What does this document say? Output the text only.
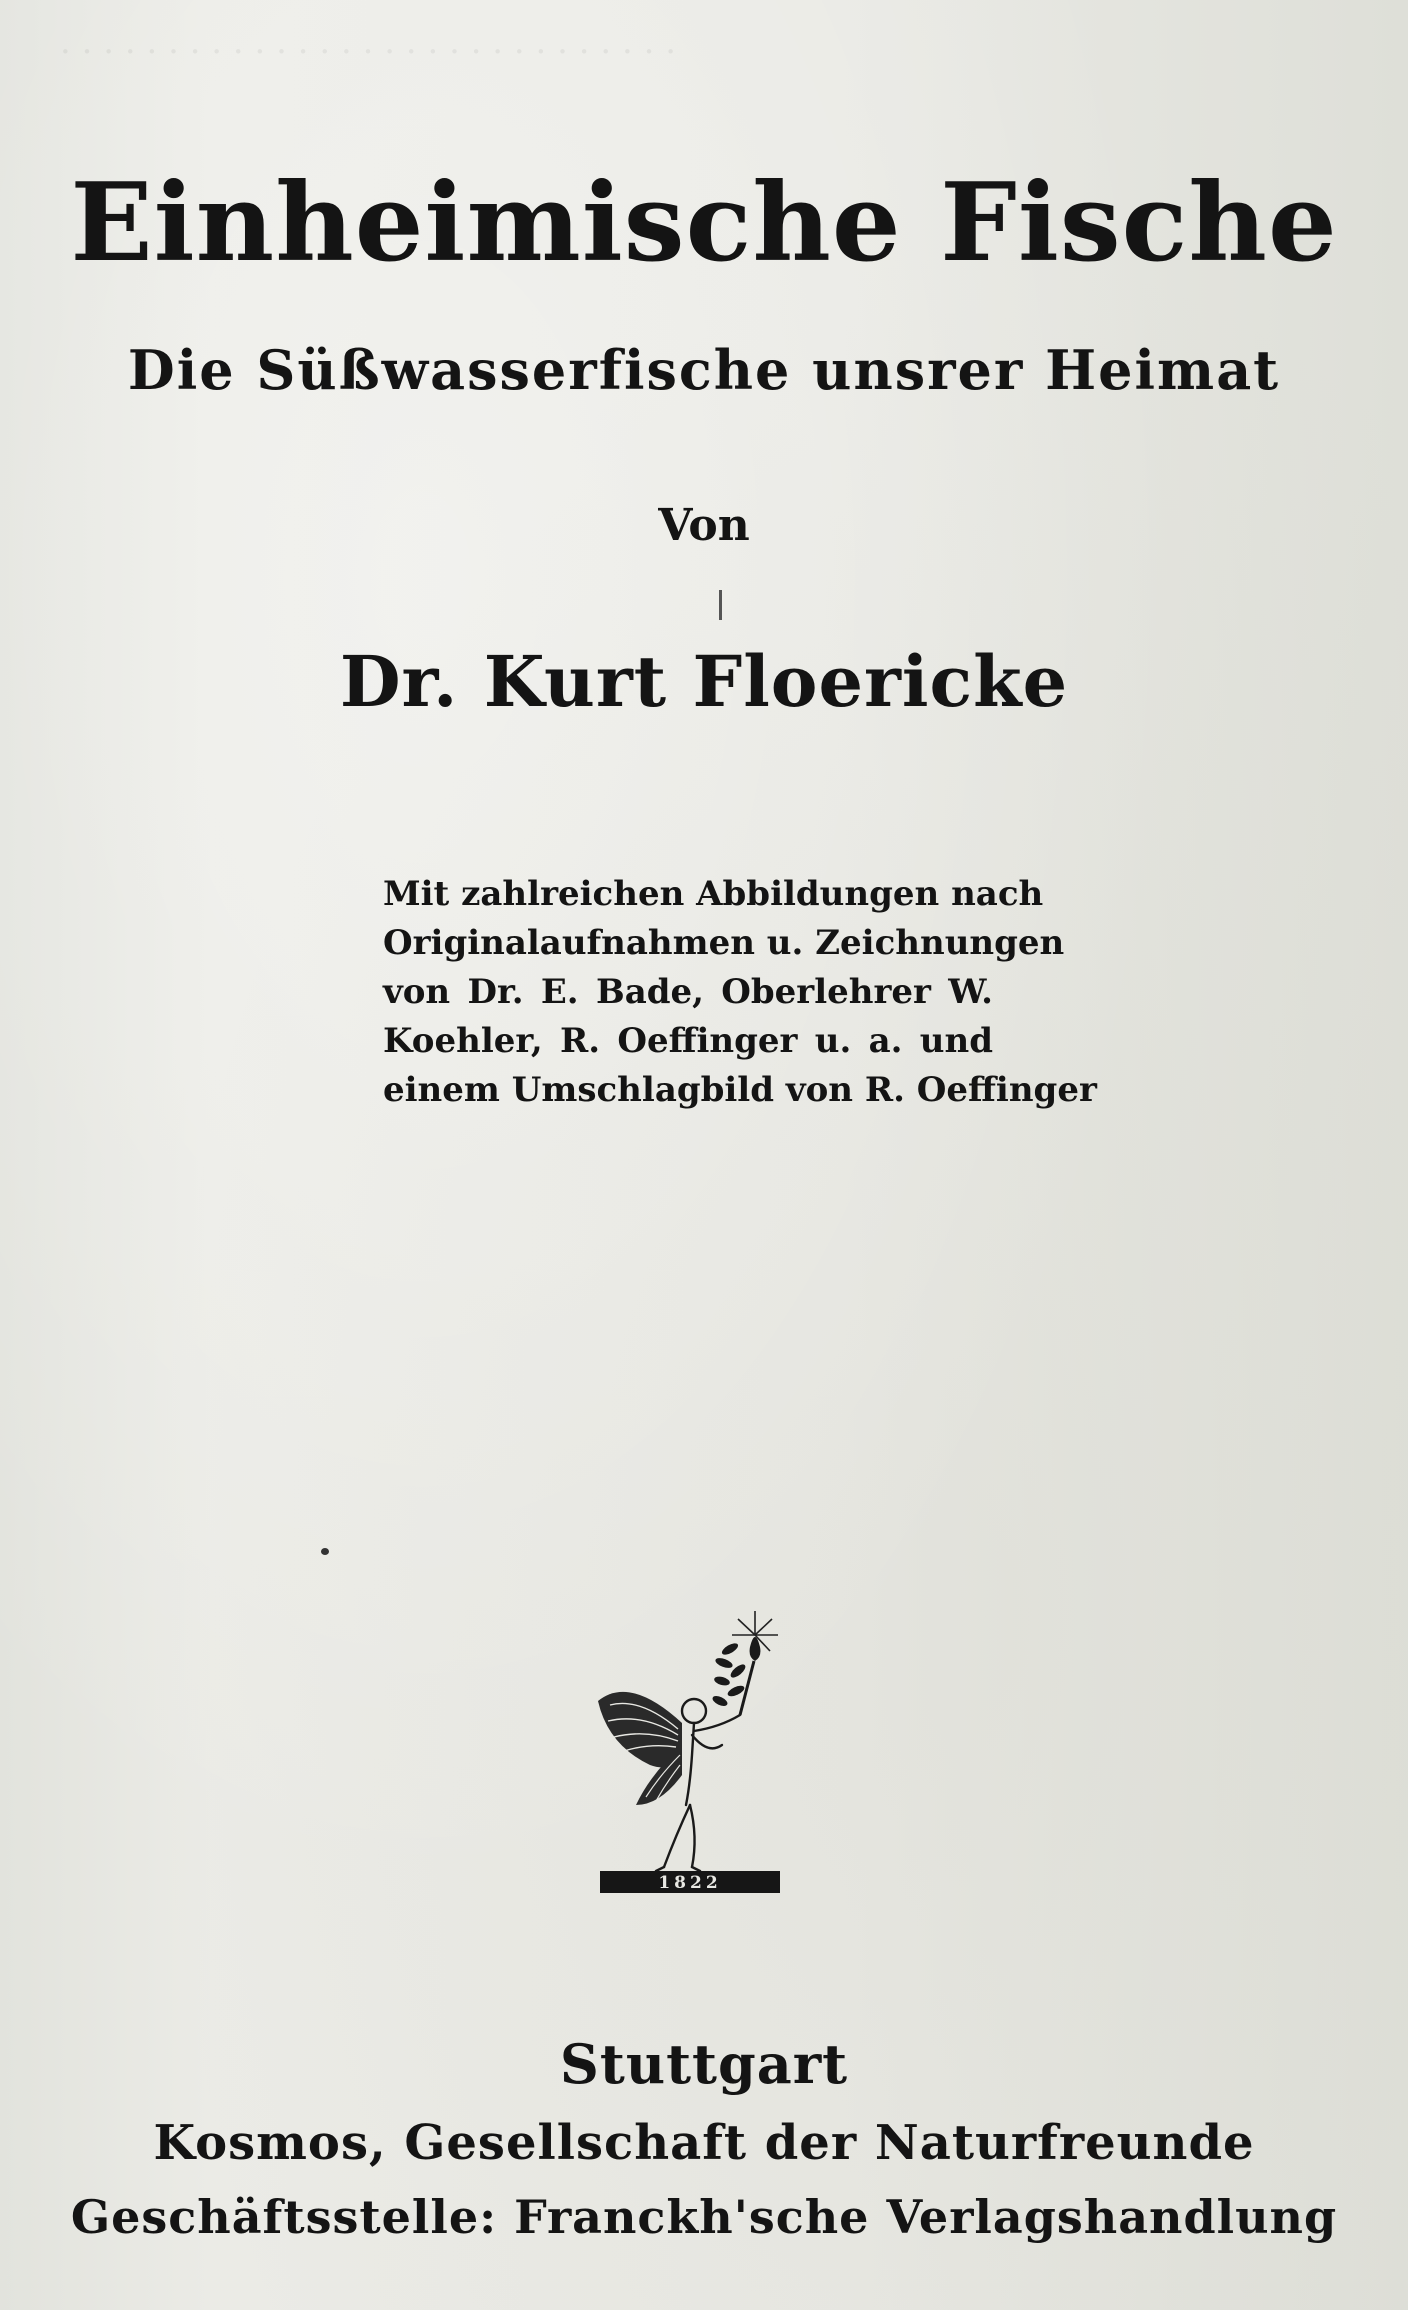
· · · · · · · · · · · · · · · · · · · · · · · · · · · · ·
Einheimische Fische
Die Süßwasserfische unsrer Heimat
Von
Dr. Kurt Floericke
Mit zahlreichen Abbildungen nach
Originalaufnahmen u. Zeichnungen
von Dr. E. Bade, Oberlehrer W.
Koehler, R. Oeffinger u. a. und
einem Umschlagbild von R. Oeffinger
1822
Stuttgart
Kosmos, Gesellschaft der Naturfreunde
Geschäftsstelle: Franckh'sche Verlagshandlung
